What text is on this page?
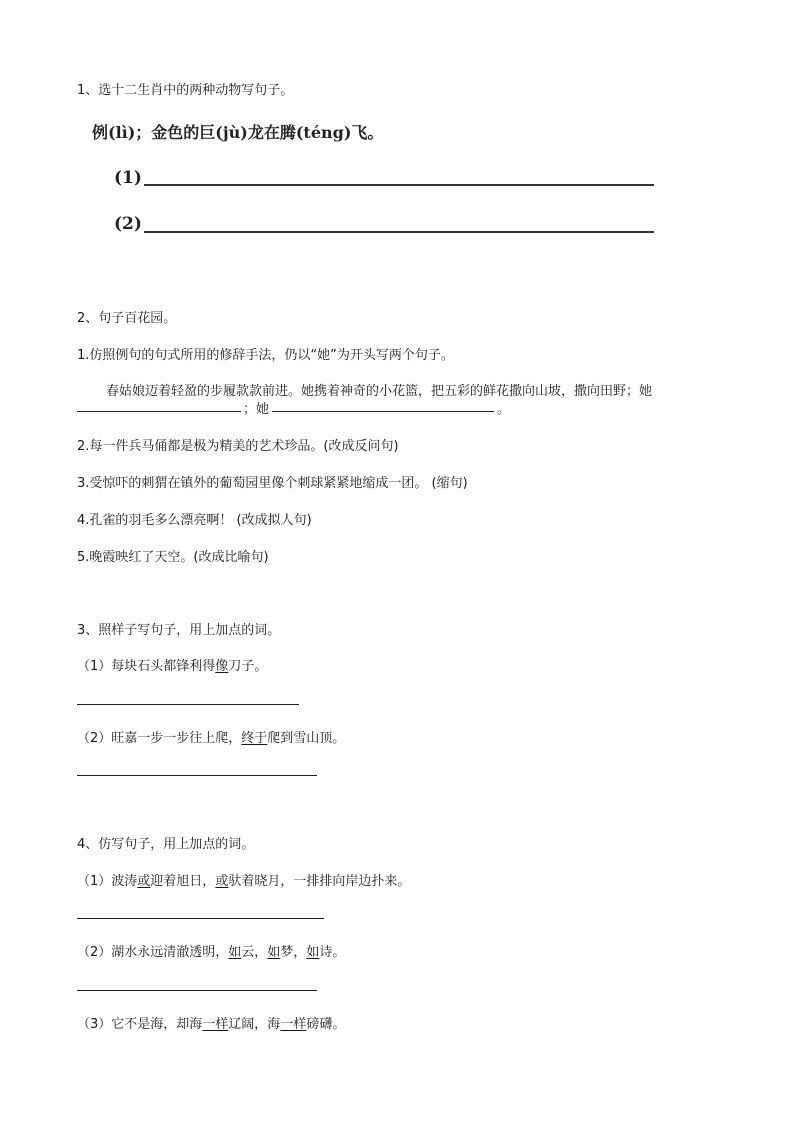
1、选十二生肖中的两种动物写句子。
例(lì)；金色的巨(jù)龙在腾(téng)飞。
(1)
(2)
2、句子百花园。
1.仿照例句的句式所用的修辞手法，仍以“她”为开头写两个句子。
春姑娘迈着轻盈的步履款款前进。她携着神奇的小花篮，把五彩的鲜花撒向山坡，撒向田野；她
；她	。
2.每一件兵马俑都是极为精美的艺术珍品。(改成反问句)
3.受惊吓的刺猬在镇外的葡萄园里像个刺球紧紧地缩成一团。 (缩句)
4.孔雀的羽毛多么漂亮啊！ (改成拟人句)
5.晚霞映红了天空。(改成比喻句)
3、照样子写句子，用上加点的词。
（1）每块石头都锋利得像刀子。
（2）旺嘉一步一步往上爬，终于爬到雪山顶。
4、仿写句子，用上加点的词。
（1）波涛或迎着旭日，或驮着晓月，一排排向岸边扑来。
（2）湖水永远清澈透明，如云，如梦，如诗。
（3）它不是海，却海一样辽阔，海一样磅礴。
